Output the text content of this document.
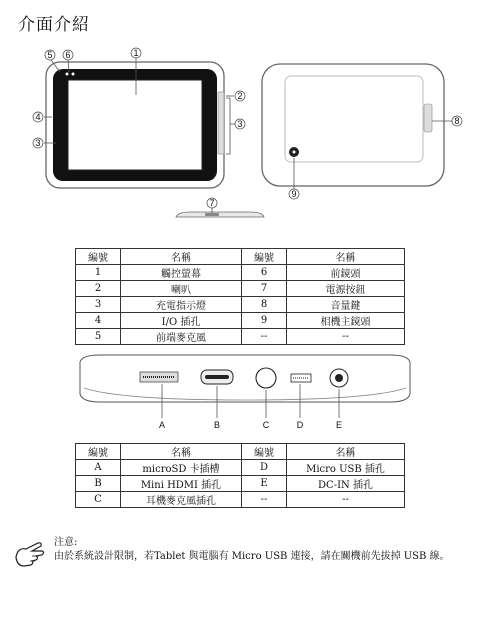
介面介紹
1
5 6
4
3
2
3	8
9
7
A	B	C	D	E
編號	名稱	編號	名稱
1	觸控螢幕	6	前鏡頭
2	喇叭	7	電源按鈕
3	充電指示燈	8	音量鍵
4	I/O 插孔	9	相機主鏡頭
5	前端麥克風	--	--
編號	名稱	編號	名稱
A	microSD 卡插槽	D	Micro USB 插孔
B	Mini HDMI 插孔	E	DC-IN 插孔
C	耳機麥克風插孔	--	--
注意:
由於系統設計限制，若Tablet 與電腦有 Micro USB 連接，請在關機前先拔掉 USB 線。
